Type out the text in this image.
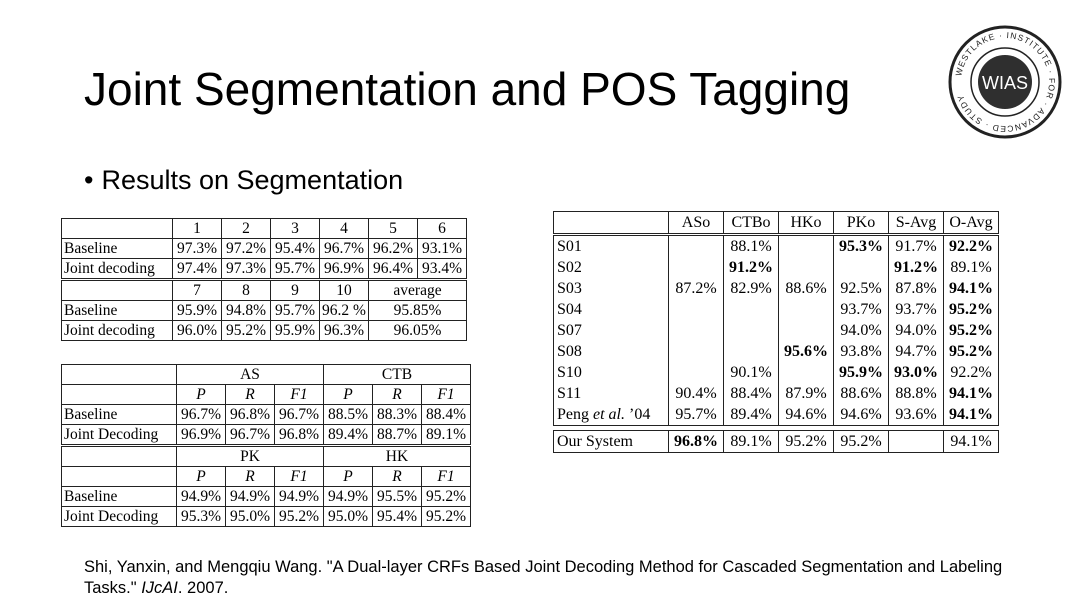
Joint Segmentation and POS Tagging
• Results on Segmentation
WIAS
WESTLAKE · INSTITUTE · FOR · ADVANCED · STUDY
	1	2	3	4	5	6
Baseline	97.3%	97.2%	95.4%	96.7%	96.2%	93.1%
Joint decoding	97.4%	97.3%	95.7%	96.9%	96.4%	93.4%
	7	8	9	10	average	
Baseline	95.9%	94.8%	95.7%	96.2 %	95.85%	
Joint decoding	96.0%	95.2%	95.9%	96.3%	96.05%	
	AS			CTB		
	P	R	F1	P	R	F1
Baseline	96.7%	96.8%	96.7%	88.5%	88.3%	88.4%
Joint Decoding	96.9%	96.7%	96.8%	89.4%	88.7%	89.1%
	PK			HK		
	P	R	F1	P	R	F1
Baseline	94.9%	94.9%	94.9%	94.9%	95.5%	95.2%
Joint Decoding	95.3%	95.0%	95.2%	95.0%	95.4%	95.2%
	ASo	CTBo	HKo	PKo	S-Avg	O-Avg
S01		88.1%		95.3%	91.7%	92.2%
S02		91.2%			91.2%	89.1%
S03	87.2%	82.9%	88.6%	92.5%	87.8%	94.1%
S04				93.7%	93.7%	95.2%
S07				94.0%	94.0%	95.2%
S08			95.6%	93.8%	94.7%	95.2%
S10		90.1%		95.9%	93.0%	92.2%
S11	90.4%	88.4%	87.9%	88.6%	88.8%	94.1%
Peng et al. ’04	95.7%	89.4%	94.6%	94.6%	93.6%	94.1%

Our System	96.8%	89.1%	95.2%	95.2%		94.1%
Shi, Yanxin, and Mengqiu Wang. "A Dual-layer CRFs Based Joint Decoding Method for Cascaded Segmentation and Labeling Tasks." IJcAI. 2007.
